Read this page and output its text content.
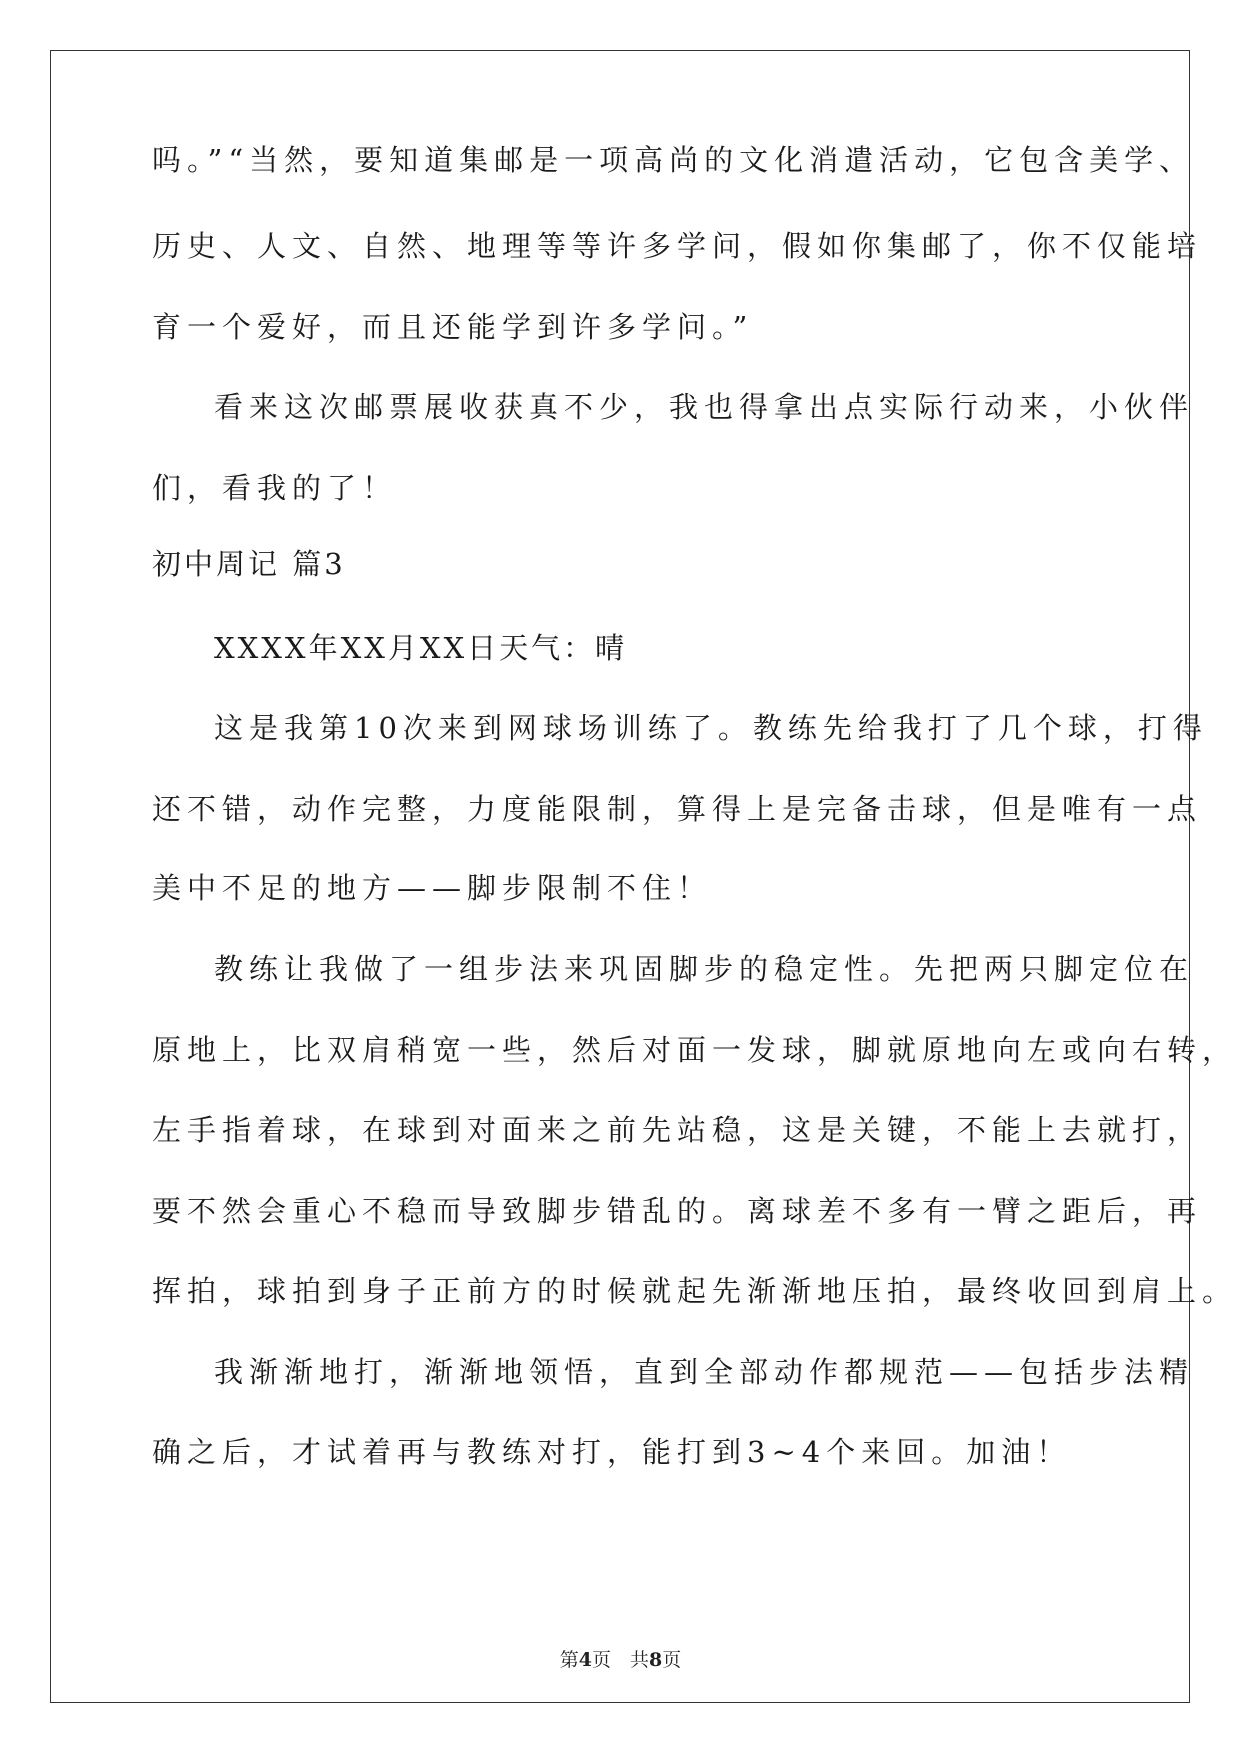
吗。”“当然，要知道集邮是一项高尚的文化消遣活动，它包含美学、
历史、人文、自然、地理等等许多学问，假如你集邮了，你不仅能培
育一个爱好，而且还能学到许多学问。”
看来这次邮票展收获真不少，我也得拿出点实际行动来，小伙伴
们，看我的了！
初中周记 篇3
XXXX年XX月XX日天气：晴
这是我第10次来到网球场训练了。教练先给我打了几个球，打得
还不错，动作完整，力度能限制，算得上是完备击球，但是唯有一点
美中不足的地方——脚步限制不住！
教练让我做了一组步法来巩固脚步的稳定性。先把两只脚定位在
原地上，比双肩稍宽一些，然后对面一发球，脚就原地向左或向右转，
左手指着球，在球到对面来之前先站稳，这是关键，不能上去就打，
要不然会重心不稳而导致脚步错乱的。离球差不多有一臂之距后，再
挥拍，球拍到身子正前方的时候就起先渐渐地压拍，最终收回到肩上。
我渐渐地打，渐渐地领悟，直到全部动作都规范——包括步法精
确之后，才试着再与教练对打，能打到3~4个来回。加油！
第4页　共8页
